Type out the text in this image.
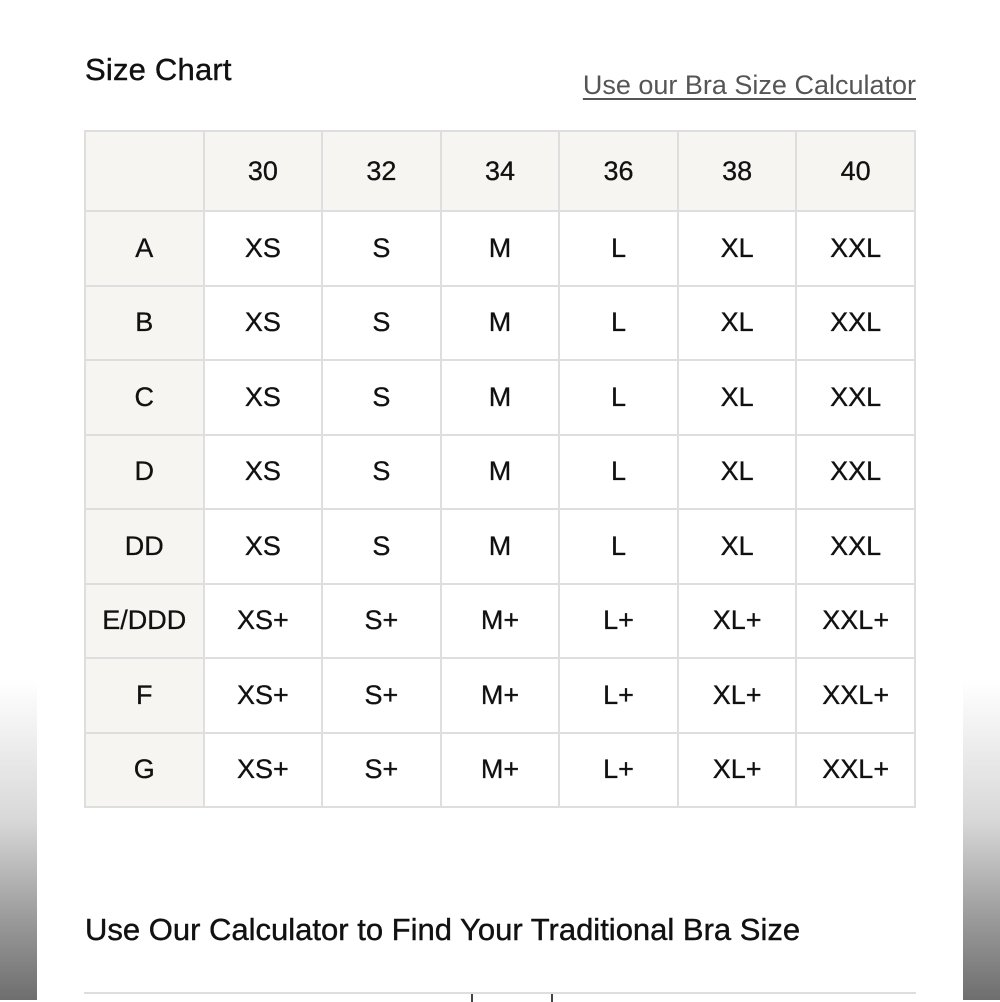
Size Chart	Use our Bra Size Calculator
	30	32	34	36	38	40
A	XS	S	M	L	XL	XXL
B	XS	S	M	L	XL	XXL
C	XS	S	M	L	XL	XXL
D	XS	S	M	L	XL	XXL
DD	XS	S	M	L	XL	XXL
E/DDD	XS+	S+	M+	L+	XL+	XXL+
F	XS+	S+	M+	L+	XL+	XXL+
G	XS+	S+	M+	L+	XL+	XXL+
Use Our Calculator to Find Your Traditional Bra Size
